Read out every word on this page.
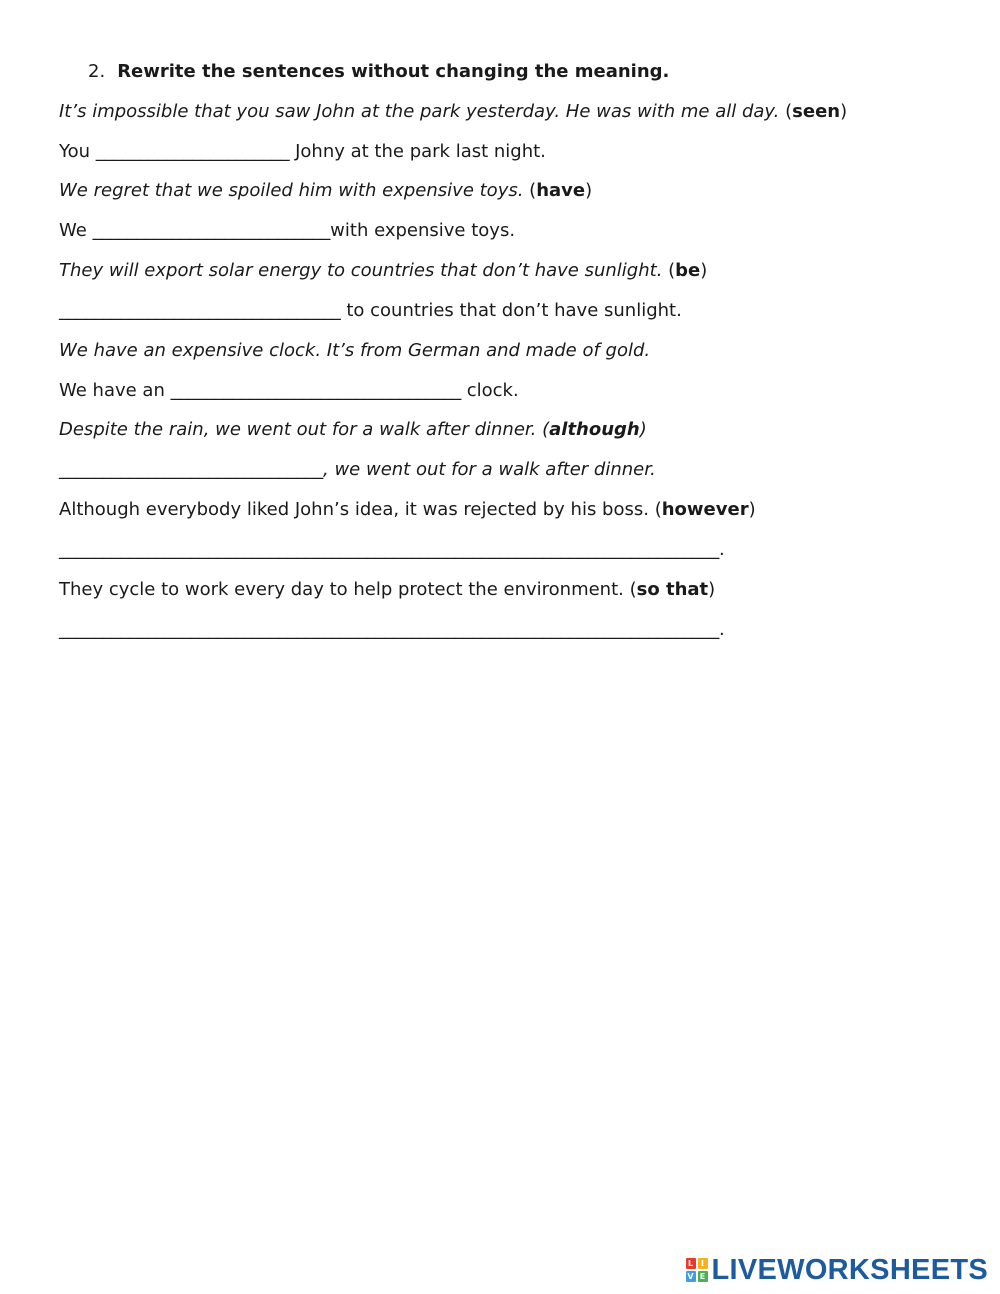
2. Rewrite the sentences without changing the meaning.
It’s impossible that you saw John at the park yesterday. He was with me all day. (seen)
You ______________________ Johny at the park last night.
We regret that we spoiled him with expensive toys. (have)
We ___________________________with expensive toys.
They will export solar energy to countries that don’t have sunlight. (be)
________________________________ to countries that don’t have sunlight.
We have an expensive clock. It’s from German and made of gold.
We have an _________________________________ clock.
Despite the rain, we went out for a walk after dinner. (although)
______________________________, we went out for a walk after dinner.
Although everybody liked John’s idea, it was rejected by his boss. (however)
___________________________________________________________________________.
They cycle to work every day to help protect the environment. (so that)
___________________________________________________________________________.
L I
V E LIVEWORKSHEETS
